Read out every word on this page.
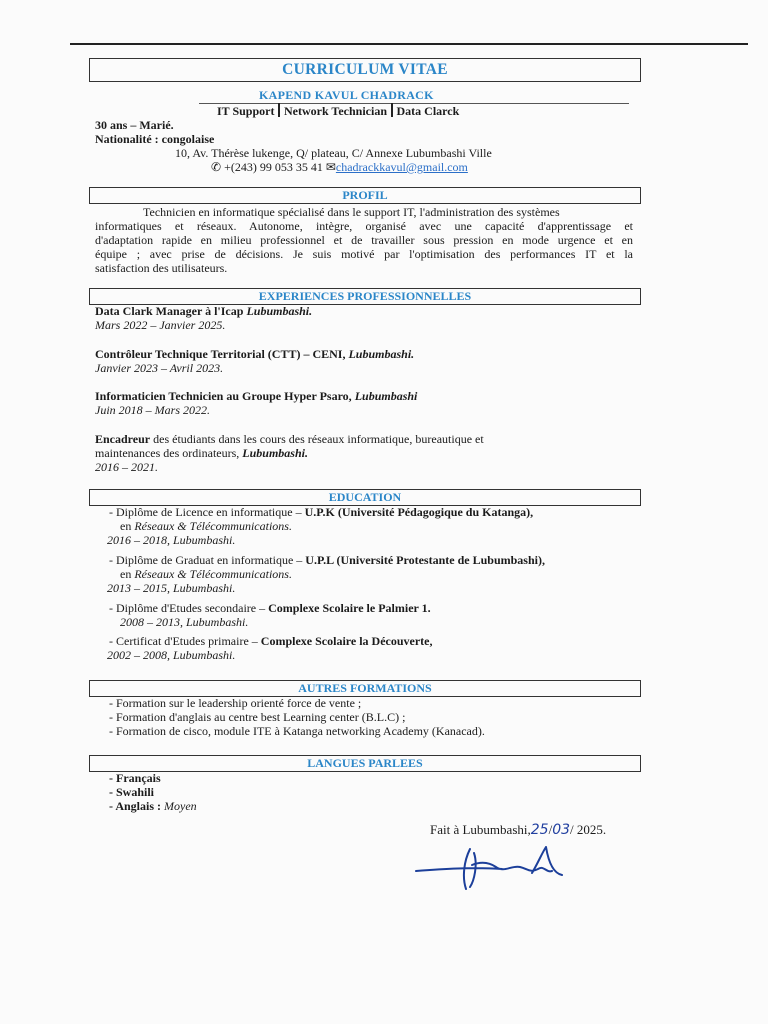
CURRICULUM VITAE
KAPEND KAVUL CHADRACK
IT Support Network Technician Data Clarck
30 ans – Marié.
Nationalité : congolaise
10, Av. Thérèse lukenge, Q/ plateau, C/ Annexe Lubumbashi Ville
✆ +(243) 99 053 35 41 ✉chadrackkavul@gmail.com
PROFIL
Technicien en informatique spécialisé dans le support IT, l'administration des systèmes
informatiques et réseaux. Autonome, intègre, organisé avec une capacité d'apprentissage et
d'adaptation rapide en milieu professionnel et de travailler sous pression en mode urgence et en
équipe ; avec prise de décisions. Je suis motivé par l'optimisation des performances IT et la
satisfaction des utilisateurs.
EXPERIENCES PROFESSIONNELLES
Data Clark Manager à l'Icap Lubumbashi.
Mars 2022 – Janvier 2025.
Contrôleur Technique Territorial (CTT) – CENI, Lubumbashi.
Janvier 2023 – Avril 2023.
Informaticien Technicien au Groupe Hyper Psaro, Lubumbashi
Juin 2018 – Mars 2022.
Encadreur des étudiants dans les cours des réseaux informatique, bureautique et
maintenances des ordinateurs, Lubumbashi.
2016 – 2021.
EDUCATION
- Diplôme de Licence en informatique – U.P.K (Université Pédagogique du Katanga),
en Réseaux & Télécommunications.
2016 – 2018, Lubumbashi.
- Diplôme de Graduat en informatique – U.P.L (Université Protestante de Lubumbashi),
en Réseaux & Télécommunications.
2013 – 2015, Lubumbashi.
- Diplôme d'Etudes secondaire – Complexe Scolaire le Palmier 1.
2008 – 2013, Lubumbashi.
- Certificat d'Etudes primaire – Complexe Scolaire la Découverte,
2002 – 2008, Lubumbashi.
AUTRES FORMATIONS
- Formation sur le leadership orienté force de vente ;
- Formation d'anglais au centre best Learning center (B.L.C) ;
- Formation de cisco, module ITE à Katanga networking Academy (Kanacad).
LANGUES PARLEES
- Français
- Swahili
- Anglais : Moyen
Fait à Lubumbashi,25/03/ 2025.
